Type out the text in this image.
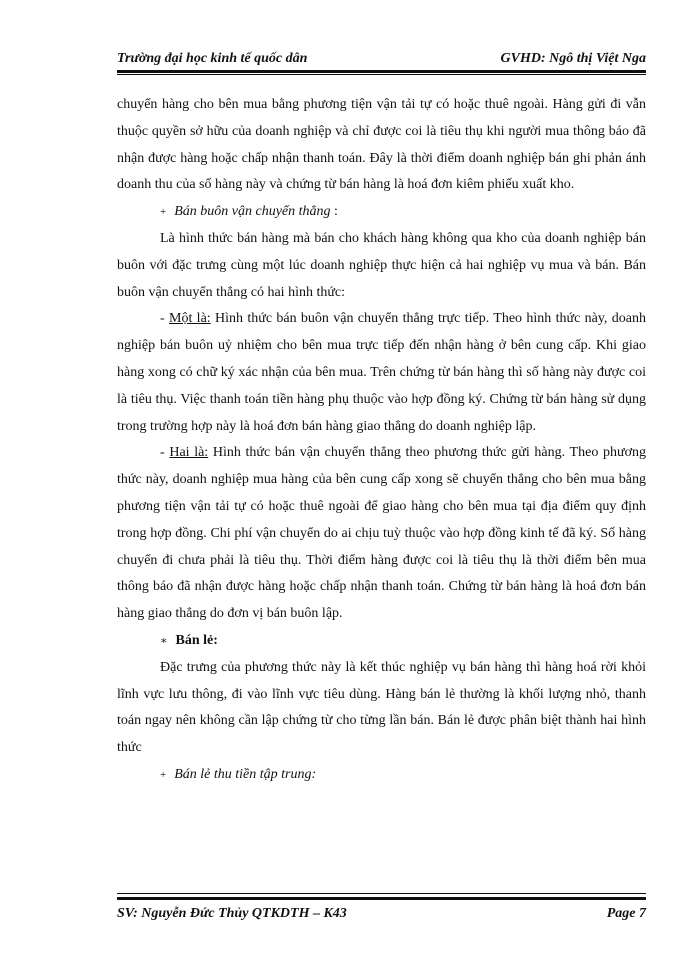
Trường đại học kinh tế quốc dân	GVHD: Ngô thị Việt Nga

chuyển hàng cho bên mua bằng phương tiện vận tải tự có hoặc thuê ngoài. Hàng gửi đi vẫn thuộc quyền sở hữu của doanh nghiệp và chỉ được coi là tiêu thụ khi người mua thông báo đã nhận được hàng hoặc chấp nhận thanh toán. Đây là thời điểm doanh nghiệp bán ghi phản ánh doanh thu của số hàng này và chứng từ bán hàng là hoá đơn kiêm phiếu xuất kho.

+ Bán buôn vận chuyển thẳng :

Là hình thức bán hàng mà bán cho khách hàng không qua kho của doanh nghiệp bán buôn với đặc trưng cùng một lúc doanh nghiệp thực hiện cả hai nghiệp vụ mua và bán. Bán buôn vận chuyển thẳng có hai hình thức:

- Một là: Hình thức bán buôn vận chuyển thẳng trực tiếp. Theo hình thức này, doanh nghiệp bán buôn uỷ nhiệm cho bên mua trực tiếp đến nhận hàng ở bên cung cấp. Khi giao hàng xong có chữ ký xác nhận của bên mua. Trên chứng từ bán hàng thì số hàng này được coi là tiêu thụ. Việc thanh toán tiền hàng phụ thuộc vào hợp đồng ký. Chứng từ bán hàng sử dụng trong trường hợp này là hoá đơn bán hàng giao thẳng do doanh nghiệp lập.

- Hai là: Hình thức bán vận chuyển thẳng theo phương thức gửi hàng. Theo phương thức này, doanh nghiệp mua hàng của bên cung cấp xong sẽ chuyển thẳng cho bên mua bằng phương tiện vận tải tự có hoặc thuê ngoài để giao hàng cho bên mua tại địa điểm quy định trong hợp đồng. Chi phí vận chuyển do ai chịu tuỳ thuộc vào hợp đồng kinh tế đã ký. Số hàng chuyển đi chưa phải là tiêu thụ. Thời điểm hàng được coi là tiêu thụ là thời điểm bên mua thông báo đã nhận được hàng hoặc chấp nhận thanh toán. Chứng từ bán hàng là hoá đơn bán hàng giao thẳng do đơn vị bán buôn lập.

∗ Bán lẻ:

Đặc trưng của phương thức này là kết thúc nghiệp vụ bán hàng thì hàng hoá rời khỏi lĩnh vực lưu thông, đi vào lĩnh vực tiêu dùng. Hàng bán lẻ thường là khối lượng nhỏ, thanh toán ngay nên không cần lập chứng từ cho từng lần bán. Bán lẻ được phân biệt thành hai hình thức

+ Bán lẻ thu tiền tập trung:
SV: Nguyễn Đức Thủy QTKDTH – K43	Page 7
